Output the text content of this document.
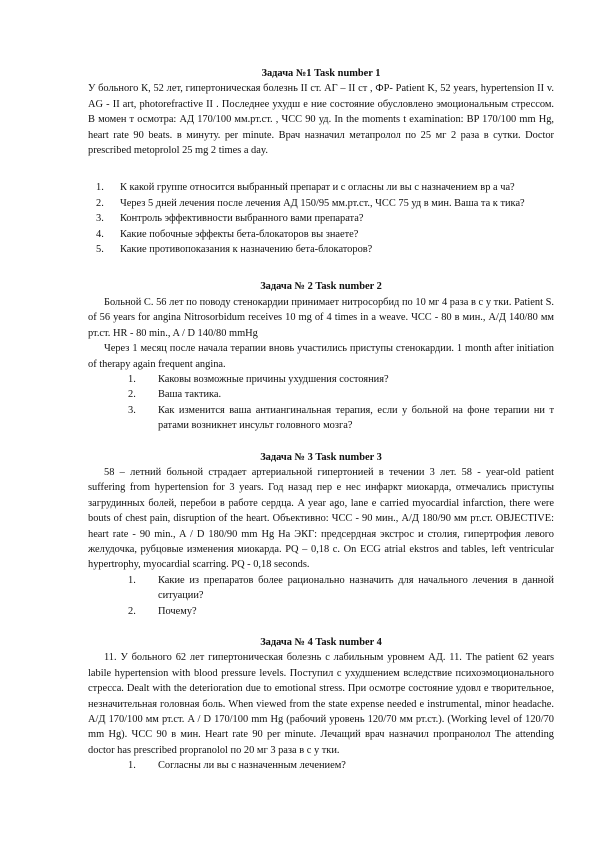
Задача №1 Task number 1

У больного К, 52 лет, гипертоническая болезнь II ст. АГ – II ст , ФР- Patient K, 52 years, hypertension II v. AG - II art, photorefractive II . Последнее ухудш е ние состояние обусловлено эмоциональным стрессом. В момен т осмотра: АД 170/100 мм.рт.ст. , ЧСС 90 уд. In the moments t examination: BP 170/100 mm Hg, heart rate 90 beats. в минуту. per minute. Врач назначил метапролол по 25 мг 2 раза в сутки. Doctor prescribed metoprolol 25 mg 2 times a day.

1. К какой группе относится выбранный препарат и с огласны ли вы с назначением вр а ча?
2. Через 5 дней лечения после лечения АД 150/95 мм.рт.ст., ЧСС 75 уд в мин. Ваша та к тика?
3. Контроль эффективности выбранного вами препарата?
4. Какие побочные эффекты бета-блокаторов вы знаете?
5. Какие противопоказания к назначению бета-блокаторов?

Задача № 2 Task number 2

Больной С. 56 лет по поводу стенокардии принимает нитросорбид по 10 мг 4 раза в с у тки. Patient S. of 56 years for angina Nitrosorbidum receives 10 mg of 4 times in a weave. ЧСС - 80 в мин., А/Д 140/80 мм рт.ст. HR - 80 min., A / D 140/80 mmHg

Через 1 месяц после начала терапии вновь участились приступы стенокардии. 1 month after initiation of therapy again frequent angina.

1. Каковы возможные причины ухудшения состояния?
2. Ваша тактика.
3. Как изменится ваша антиангинальная терапия, если у больной на фоне терапии ни т ратами возникнет инсульт головного мозга?

Задача № 3 Task number 3

58 – летний больной страдает артериальной гипертонией в течении 3 лет. 58 - year-old patient suffering from hypertension for 3 years. Год назад пер е нес инфаркт миокарда, отмечались приступы загрудинных болей, перебои в работе сердца. A year ago, lane e carried myocardial infarction, there were bouts of chest pain, disruption of the heart. Объективно: ЧСС - 90 мин., А/Д 180/90 мм рт.ст. OBJECTIVE: heart rate - 90 min., A / D 180/90 mm Hg На ЭКГ: предсердная экстрос и столия, гипертрофия левого желудочка, рубцовые изменения миокарда. PQ – 0,18 с. On ECG atrial ekstros and tables, left ventricular hypertrophy, myocardial scarring. PQ - 0,18 seconds.

1. Какие из препаратов более рационально назначить для начального лечения в данной ситуации?
2. Почему?

Задача № 4 Task number 4

11. У больного 62 лет гипертоническая болезнь с лабильным уровнем АД. 11. The patient 62 years labile hypertension with blood pressure levels. Поступил с ухудшением вследствие психоэмоционального стресса. Dealt with the deterioration due to emotional stress. При осмотре состояние удовл е творительное, незначительная головная боль. When viewed from the state expense needed e instrumental, minor headache. А/Д 170/100 мм рт.ст. A / D 170/100 mm Hg (рабочий уровень 120/70 мм рт.ст.). (Working level of 120/70 mm Hg). ЧСС 90 в мин. Heart rate 90 per minute. Лечащий врач назначил пропранолол The attending doctor has prescribed propranolol по 20 мг 3 раза в с у тки.

1. Согласны ли вы с назначенным лечением?
